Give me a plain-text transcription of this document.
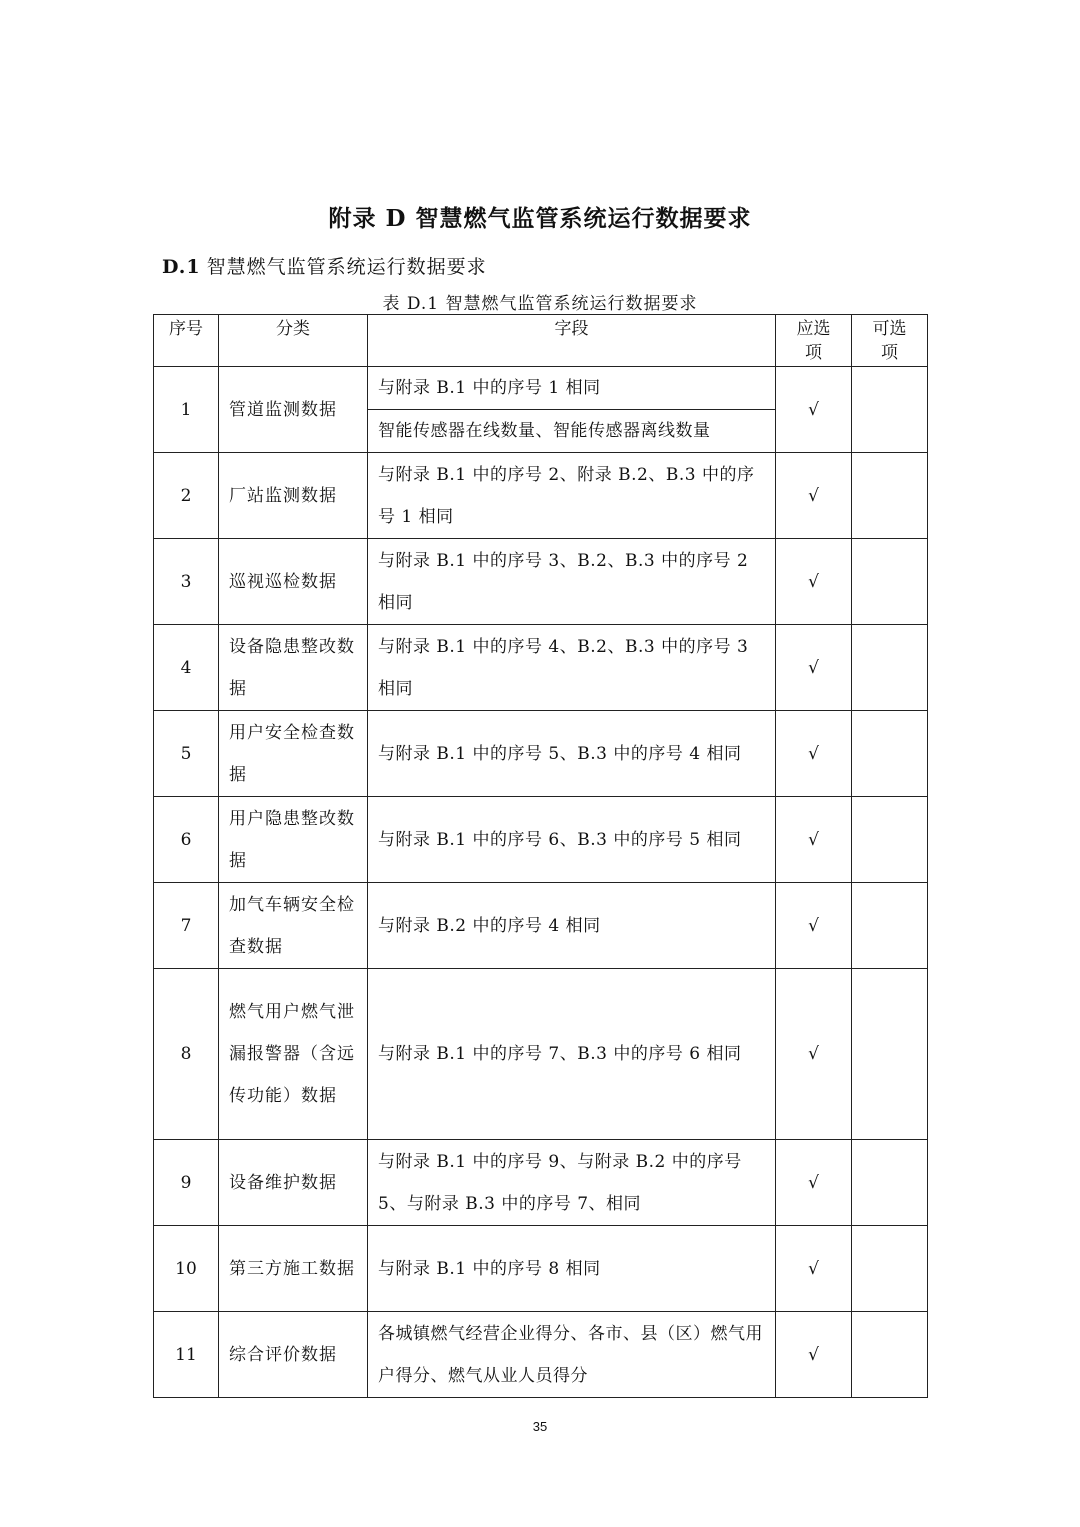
附录 D 智慧燃气监管系统运行数据要求
D.1 智慧燃气监管系统运行数据要求
表 D.1 智慧燃气监管系统运行数据要求
序号	分类	字段	应选项	可选项
1	管道监测数据	与附录 B.1 中的序号 1 相同	√	
		智能传感器在线数量、智能传感器离线数量		
2	厂站监测数据	与附录 B.1 中的序号 2、附录 B.2、B.3 中的序号 1 相同	√	
3	巡视巡检数据	与附录 B.1 中的序号 3、B.2、B.3 中的序号 2 相同	√	
4	设备隐患整改数据	与附录 B.1 中的序号 4、B.2、B.3 中的序号 3 相同	√	
5	用户安全检查数据	与附录 B.1 中的序号 5、B.3 中的序号 4 相同	√	
6	用户隐患整改数据	与附录 B.1 中的序号 6、B.3 中的序号 5 相同	√	
7	加气车辆安全检查数据	与附录 B.2 中的序号 4 相同	√	
8	燃气用户燃气泄漏报警器（含远传功能）数据	与附录 B.1 中的序号 7、B.3 中的序号 6 相同	√	
9	设备维护数据	与附录 B.1 中的序号 9、与附录 B.2 中的序号 5、与附录 B.3 中的序号 7、相同	√	
10	第三方施工数据	与附录 B.1 中的序号 8 相同	√	
11	综合评价数据	各城镇燃气经营企业得分、各市、县（区）燃气用户得分、燃气从业人员得分	√	
35
